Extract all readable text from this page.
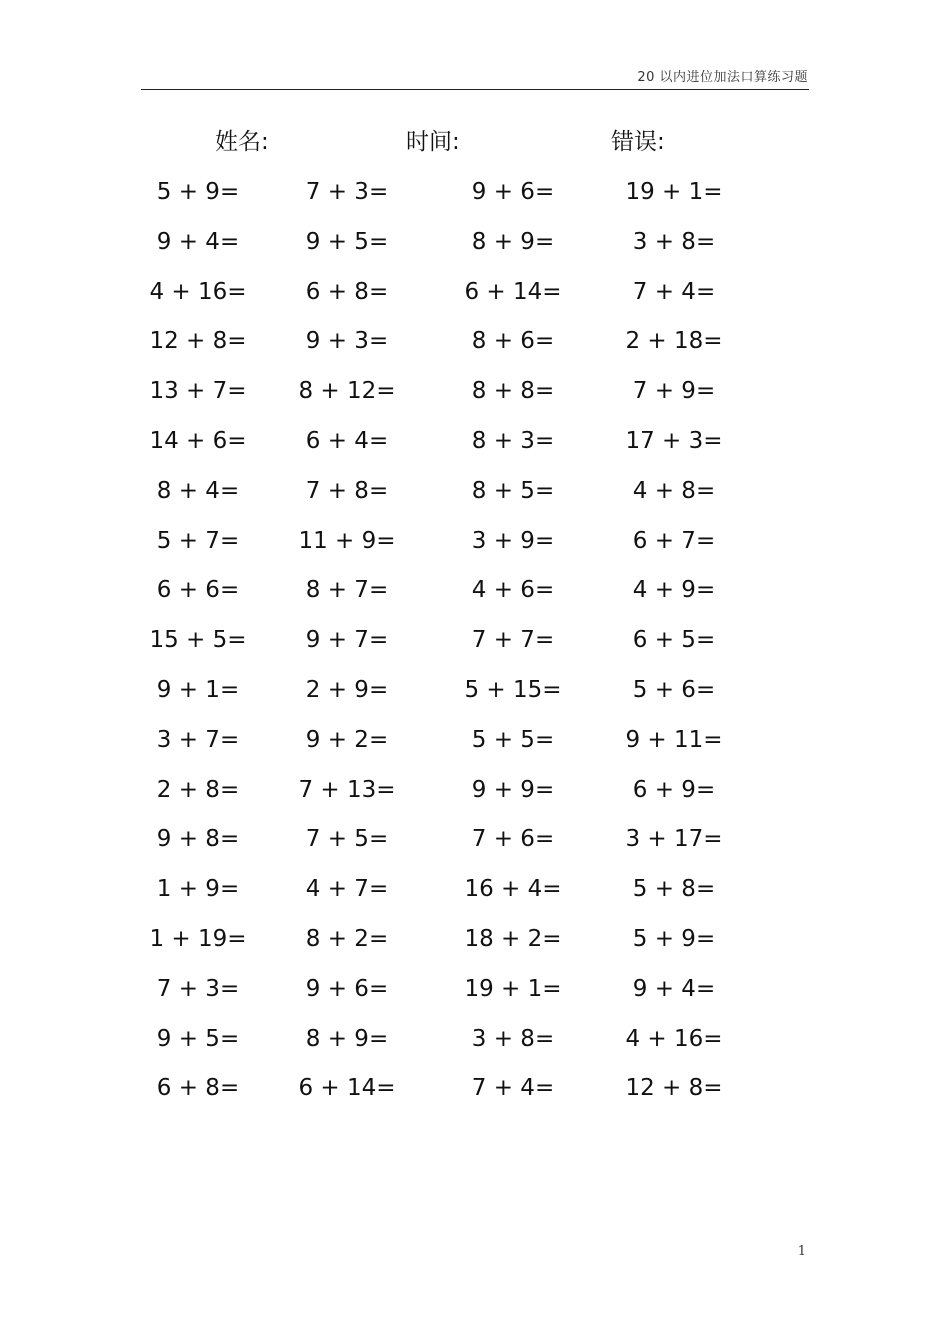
20 以内进位加法口算练习题
姓名:	时间:	错误:
5 + 9=	7 + 3=	9 + 6=	19 + 1=
9 + 4=	9 + 5=	8 + 9=	3 + 8=
4 + 16=	6 + 8=	6 + 14=	7 + 4=
12 + 8=	9 + 3=	8 + 6=	2 + 18=
13 + 7=	8 + 12=	8 + 8=	7 + 9=
14 + 6=	6 + 4=	8 + 3=	17 + 3=
8 + 4=	7 + 8=	8 + 5=	4 + 8=
5 + 7=	11 + 9=	3 + 9=	6 + 7=
6 + 6=	8 + 7=	4 + 6=	4 + 9=
15 + 5=	9 + 7=	7 + 7=	6 + 5=
9 + 1=	2 + 9=	5 + 15=	5 + 6=
3 + 7=	9 + 2=	5 + 5=	9 + 11=
2 + 8=	7 + 13=	9 + 9=	6 + 9=
9 + 8=	7 + 5=	7 + 6=	3 + 17=
1 + 9=	4 + 7=	16 + 4=	5 + 8=
1 + 19=	8 + 2=	18 + 2=	5 + 9=
7 + 3=	9 + 6=	19 + 1=	9 + 4=
9 + 5=	8 + 9=	3 + 8=	4 + 16=
6 + 8=	6 + 14=	7 + 4=	12 + 8=
1
